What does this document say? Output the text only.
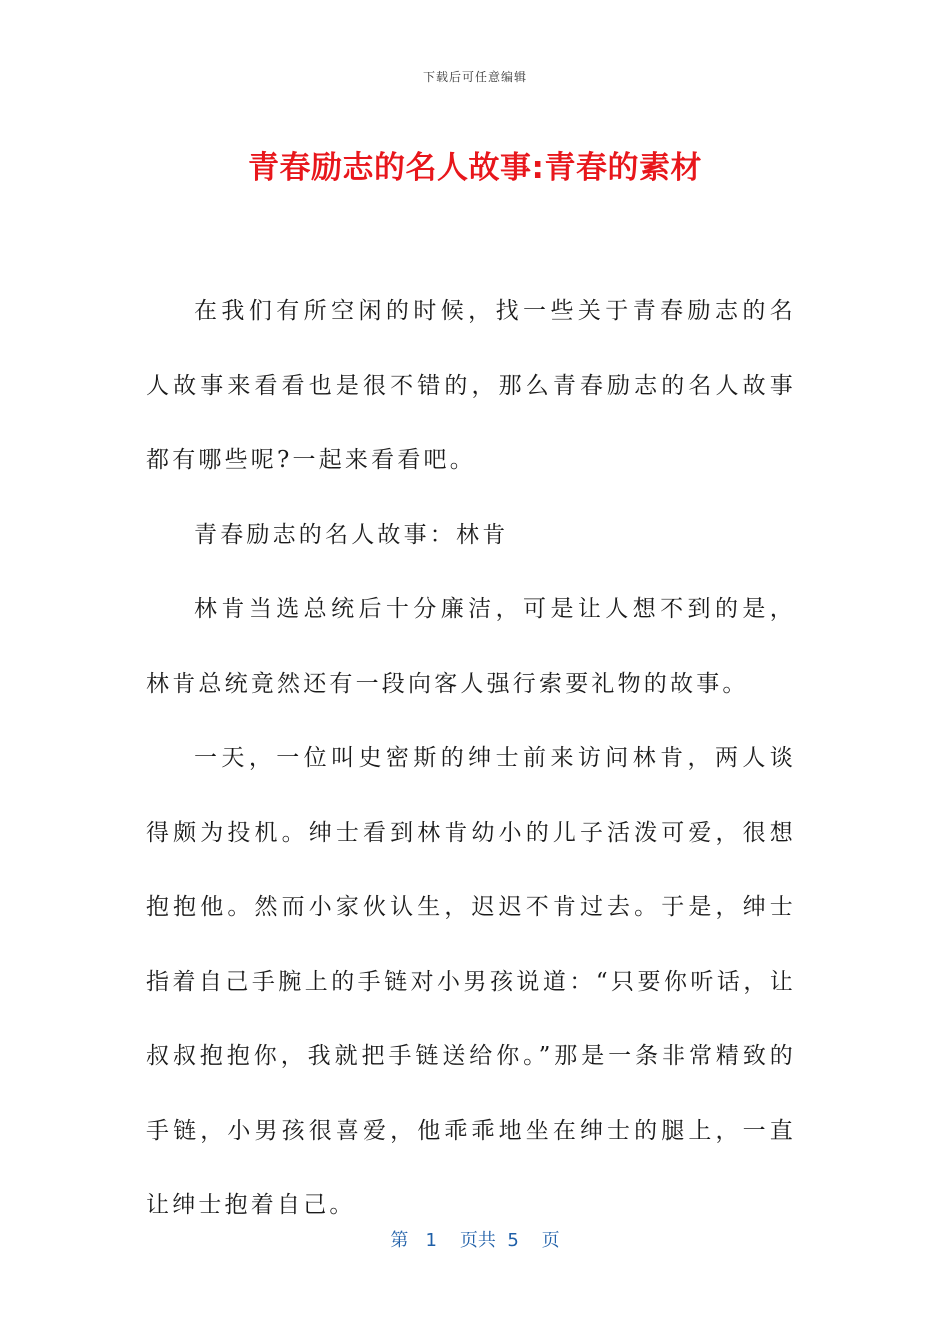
下载后可任意编辑
青春励志的名人故事:青春的素材

在我们有所空闲的时候，找一些关于青春励志的名人故事来看看也是很不错的，那么青春励志的名人故事都有哪些呢?一起来看看吧。

青春励志的名人故事：林肯

林肯当选总统后十分廉洁，可是让人想不到的是，林肯总统竟然还有一段向客人强行索要礼物的故事。

一天，一位叫史密斯的绅士前来访问林肯，两人谈得颇为投机。绅士看到林肯幼小的儿子活泼可爱，很想抱抱他。然而小家伙认生，迟迟不肯过去。于是，绅士指着自己手腕上的手链对小男孩说道：“只要你听话，让叔叔抱抱你，我就把手链送给你。”那是一条非常精致的手链，小男孩很喜爱，他乖乖地坐在绅士的腿上，一直让绅士抱着自己。

第 1 页共 5 页
